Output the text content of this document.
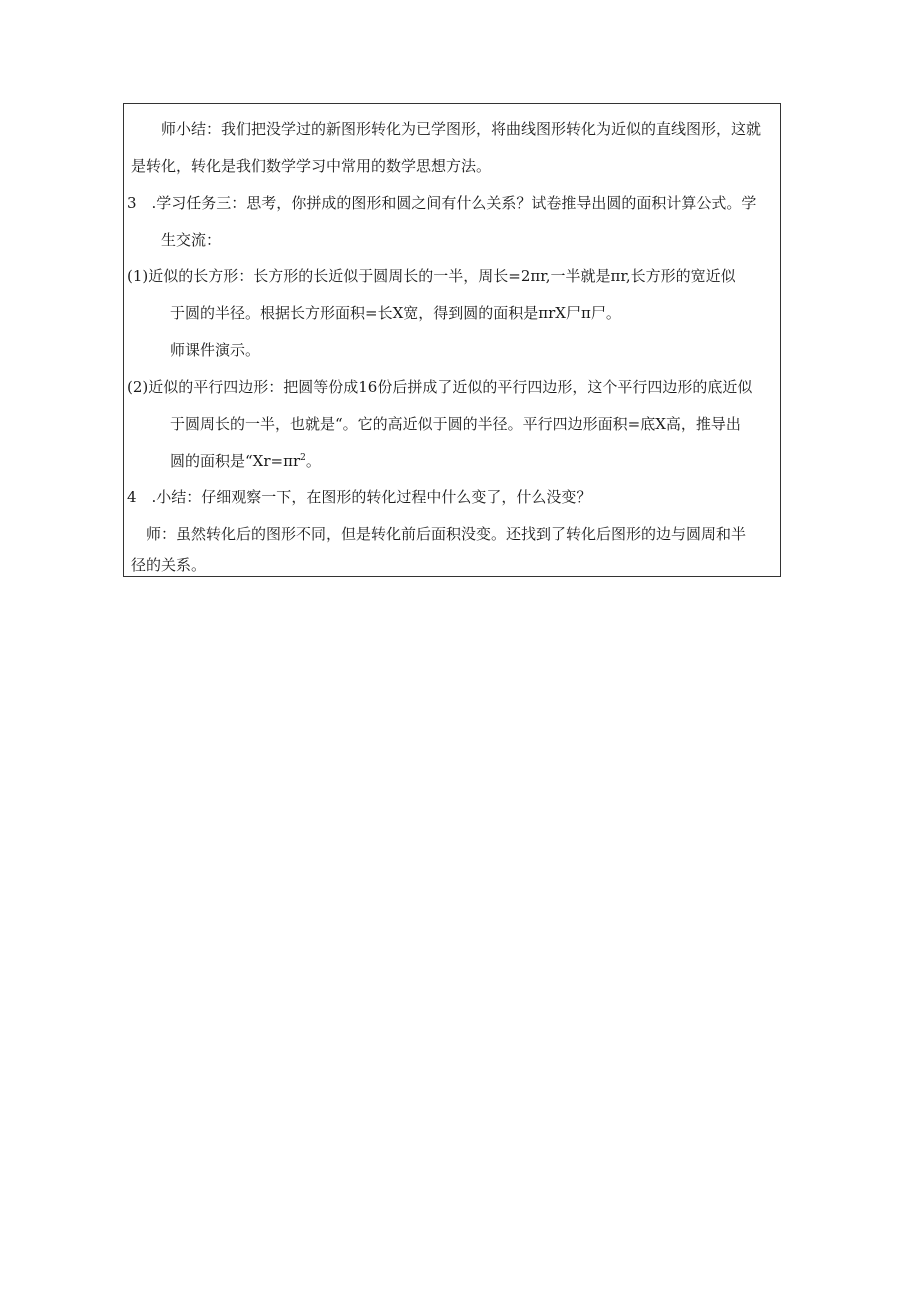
师小结：我们把没学过的新图形转化为已学图形，将曲线图形转化为近似的直线图形，这就
是转化，转化是我们数学学习中常用的数学思想方法。
3　.学习任务三：思考，你拼成的图形和圆之间有什么关系？试卷推导出圆的面积计算公式。学
生交流：
(1)近似的长方形：长方形的长近似于圆周长的一半，周长=2πr,一半就是πr,长方形的宽近似
于圆的半径。根据长方形面积=长X宽，得到圆的面积是πrX尸π尸。
师课件演示。
(2)近似的平行四边形：把圆等份成16份后拼成了近似的平行四边形，这个平行四边形的底近似
于圆周长的一半，也就是“。它的高近似于圆的半径。平行四边形面积=底X高，推导出
圆的面积是“$Xr=\pi r^2$。
4　.小结：仔细观察一下，在图形的转化过程中什么变了，什么没变？
师：虽然转化后的图形不同，但是转化前后面积没变。还找到了转化后图形的边与圆周和半
径的关系。
